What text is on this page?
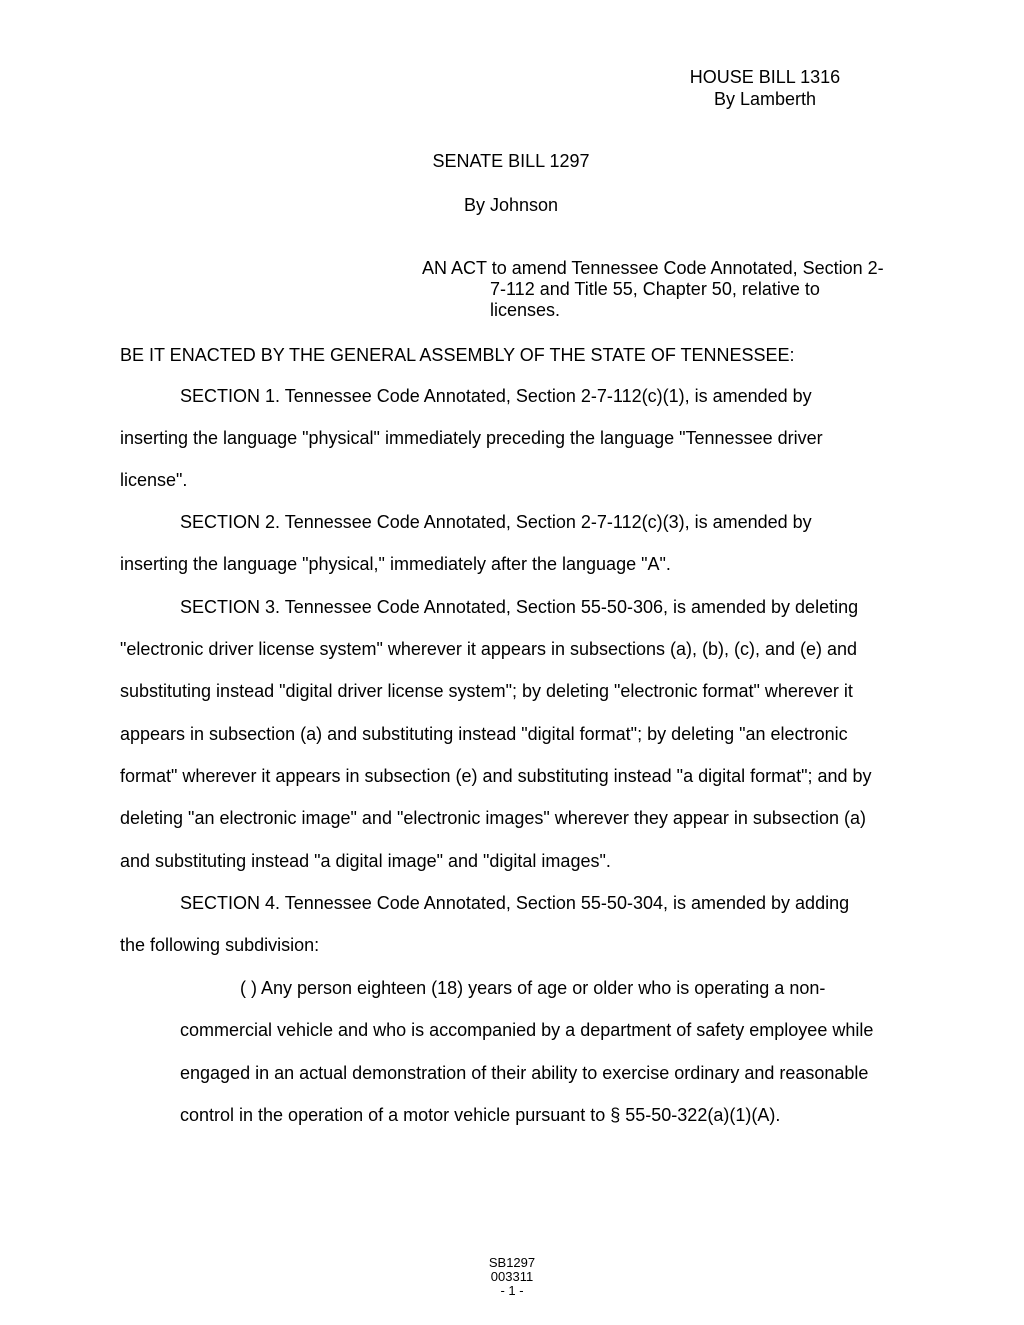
HOUSE BILL 1316
By Lamberth
SENATE BILL 1297
By Johnson
AN ACT to amend Tennessee Code Annotated, Section 2-
7-112 and Title 55, Chapter 50, relative to
licenses.
BE IT ENACTED BY THE GENERAL ASSEMBLY OF THE STATE OF TENNESSEE:
SECTION 1. Tennessee Code Annotated, Section 2-7-112(c)(1), is amended by
inserting the language "physical" immediately preceding the language "Tennessee driver
license".
SECTION 2. Tennessee Code Annotated, Section 2-7-112(c)(3), is amended by
inserting the language "physical," immediately after the language "A".
SECTION 3. Tennessee Code Annotated, Section 55-50-306, is amended by deleting
"electronic driver license system" wherever it appears in subsections (a), (b), (c), and (e) and
substituting instead "digital driver license system"; by deleting "electronic format" wherever it
appears in subsection (a) and substituting instead "digital format"; by deleting "an electronic
format" wherever it appears in subsection (e) and substituting instead "a digital format"; and by
deleting "an electronic image" and "electronic images" wherever they appear in subsection (a)
and substituting instead "a digital image" and "digital images".
SECTION 4. Tennessee Code Annotated, Section 55-50-304, is amended by adding
the following subdivision:
( ) Any person eighteen (18) years of age or older who is operating a non-
commercial vehicle and who is accompanied by a department of safety employee while
engaged in an actual demonstration of their ability to exercise ordinary and reasonable
control in the operation of a motor vehicle pursuant to § 55-50-322(a)(1)(A).
SB1297
003311
- 1 -
